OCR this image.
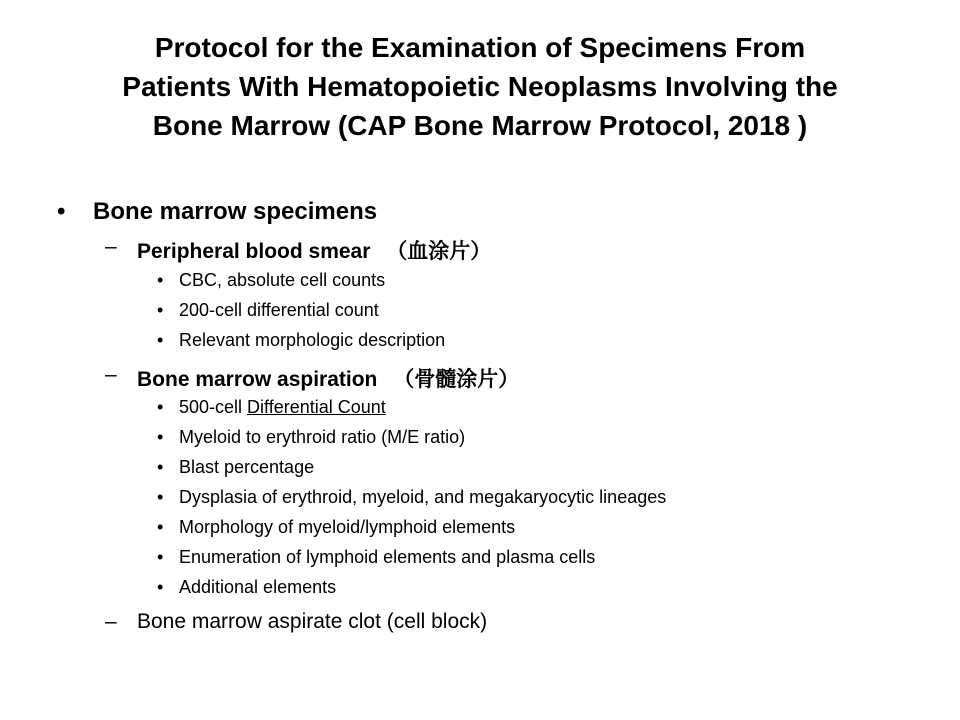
Protocol for the Examination of Specimens From
Patients With Hematopoietic Neoplasms Involving the
Bone Marrow (CAP Bone Marrow Protocol, 2018 )
• Bone marrow specimens
– Peripheral blood smear （血涂片）
• CBC, absolute cell counts
• 200-cell differential count
• Relevant morphologic description
– Bone marrow aspiration （骨髓涂片）
• 500-cell Differential Count
• Myeloid to erythroid ratio (M/E ratio)
• Blast percentage
• Dysplasia of erythroid, myeloid, and megakaryocytic lineages
• Morphology of myeloid/lymphoid elements
• Enumeration of lymphoid elements and plasma cells
• Additional elements
– Bone marrow aspirate clot (cell block)
